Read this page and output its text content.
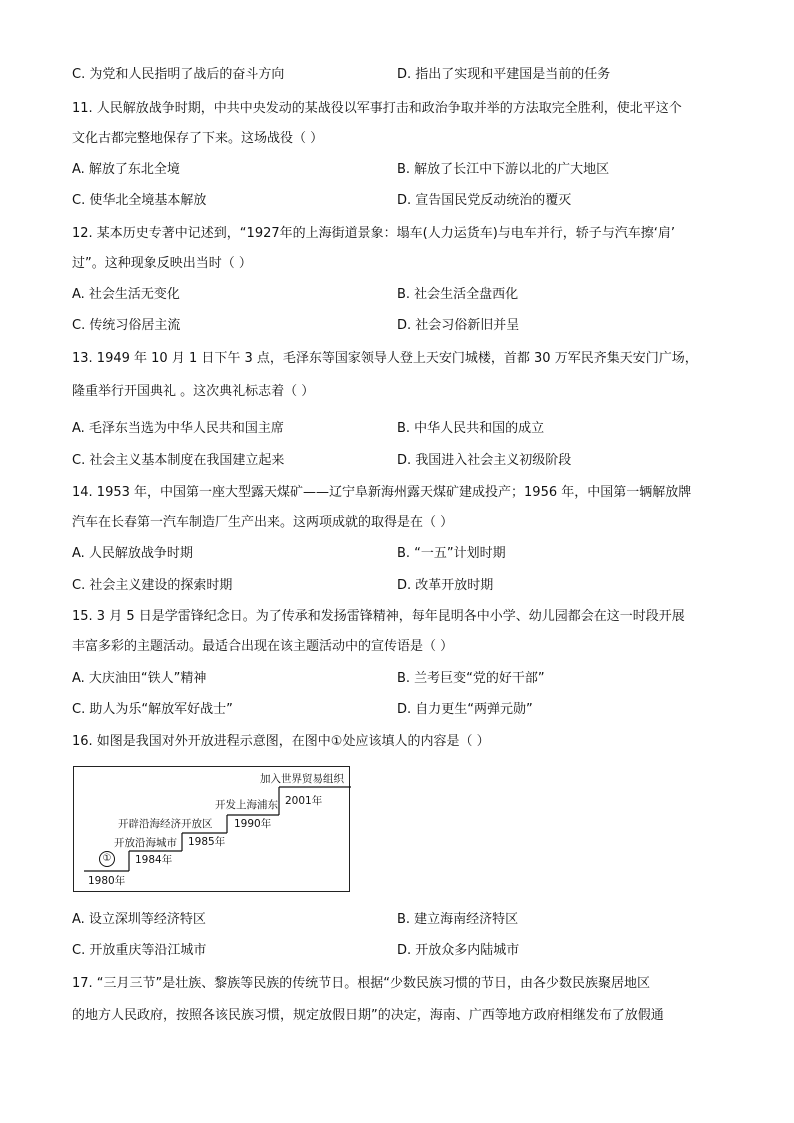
C. 为党和人民指明了战后的奋斗方向	D. 指出了实现和平建国是当前的任务
11. 人民解放战争时期，中共中央发动的某战役以军事打击和政治争取并举的方法取完全胜利，使北平这个
文化古都完整地保存了下来。这场战役（ ）
A. 解放了东北全境	B. 解放了长江中下游以北的广大地区
C. 使华北全境基本解放	D. 宣告国民党反动统治的覆灭
12. 某本历史专著中记述到，“1927年的上海街道景象：塌车(人力运货车)与电车并行，轿子与汽车擦‘肩’
过”。这种现象反映出当时（ ）
A. 社会生活无变化	B. 社会生活全盘西化
C. 传统习俗居主流	D. 社会习俗新旧并呈
13. 1949 年 10 月 1 日下午 3 点，毛泽东等国家领导人登上天安门城楼，首都 30 万军民齐集天安门广场，
隆重举行开国典礼 。这次典礼标志着（ ）
A. 毛泽东当选为中华人民共和国主席	B. 中华人民共和国的成立
C. 社会主义基本制度在我国建立起来	D. 我国进入社会主义初级阶段
14. 1953 年，中国第一座大型露天煤矿——辽宁阜新海州露天煤矿建成投产；1956 年，中国第一辆解放牌
汽车在长春第一汽车制造厂生产出来。这两项成就的取得是在（ ）
A. 人民解放战争时期	B. “一五”计划时期
C. 社会主义建设的探索时期	D. 改革开放时期
15. 3 月 5 日是学雷锋纪念日。为了传承和发扬雷锋精神，每年昆明各中小学、幼儿园都会在这一时段开展
丰富多彩的主题活动。最适合出现在该主题活动中的宣传语是（ ）
A. 大庆油田“铁人”精神	B. 兰考巨变“党的好干部”
C. 助人为乐“解放军好战士”	D. 自力更生“两弹元勋”
16. 如图是我国对外开放进程示意图，在图中①处应该填人的内容是（ ）
①
1980年
开放沿海城市
1984年
开辟沿海经济开放区
1985年
开发上海浦东
1990年
加入世界贸易组织
2001年
A. 设立深圳等经济特区	B. 建立海南经济特区
C. 开放重庆等沿江城市	D. 开放众多内陆城市
17. “三月三节”是壮族、黎族等民族的传统节日。根据“少数民族习惯的节日，由各少数民族聚居地区
的地方人民政府，按照各该民族习惯，规定放假日期”的决定，海南、广西等地方政府相继发布了放假通
